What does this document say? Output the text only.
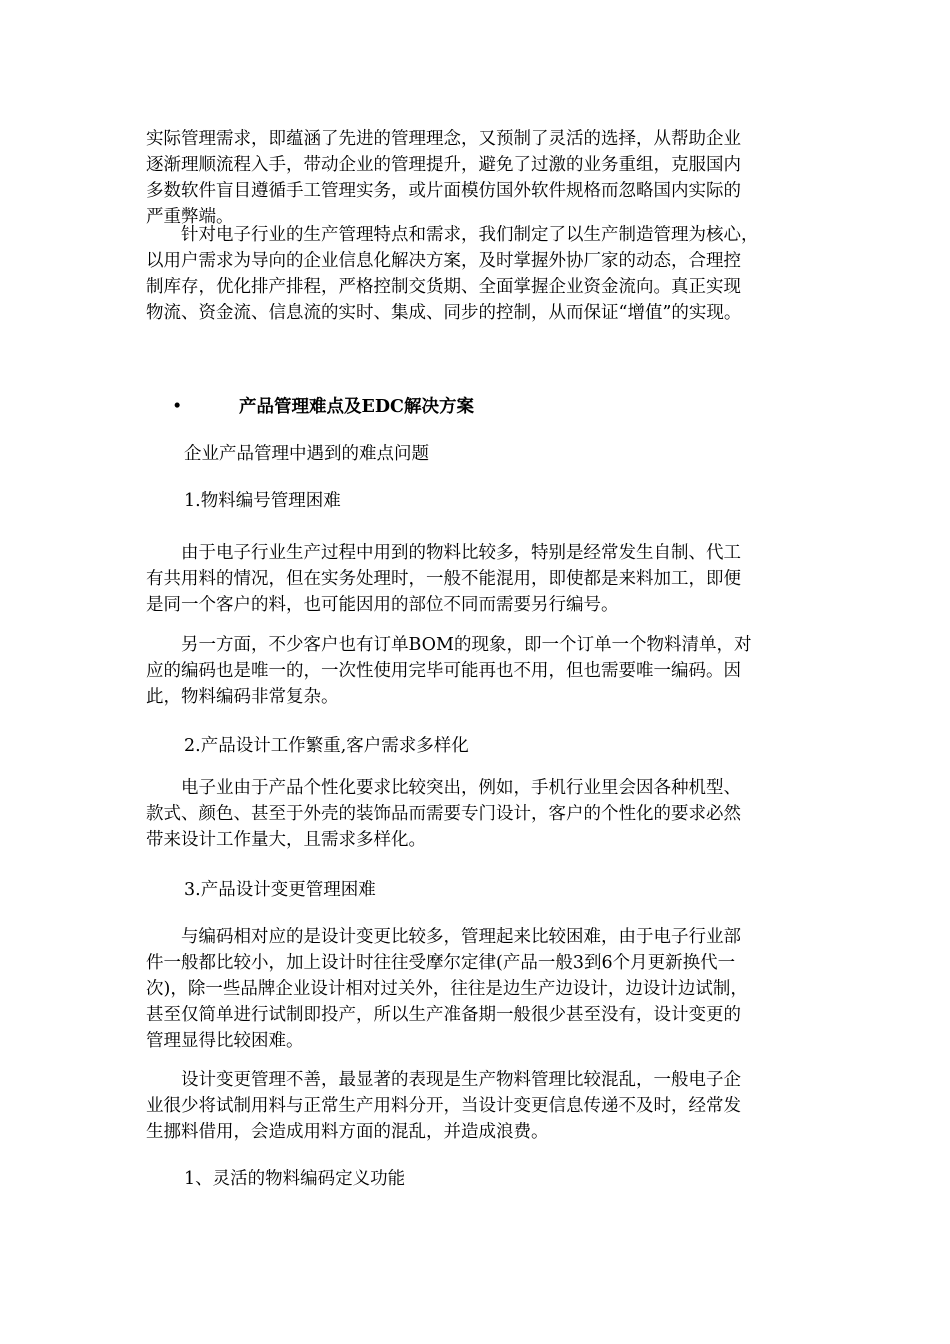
实际管理需求，即蕴涵了先进的管理理念，又预制了灵活的选择，从帮助企业
逐渐理顺流程入手，带动企业的管理提升，避免了过激的业务重组，克服国内
多数软件盲目遵循手工管理实务，或片面模仿国外软件规格而忽略国内实际的
严重弊端。
针对电子行业的生产管理特点和需求，我们制定了以生产制造管理为核心，
以用户需求为导向的企业信息化解决方案，及时掌握外协厂家的动态，合理控
制库存，优化排产排程，严格控制交货期、全面掌握企业资金流向。真正实现
物流、资金流、信息流的实时、集成、同步的控制，从而保证“增值”的实现。
•	产品管理难点及EDC解决方案

企业产品管理中遇到的难点问题

1.物料编号管理困难

由于电子行业生产过程中用到的物料比较多，特别是经常发生自制、代工
有共用料的情况，但在实务处理时，一般不能混用，即使都是来料加工，即便
是同一个客户的料，也可能因用的部位不同而需要另行编号。
另一方面，不少客户也有订单BOM的现象，即一个订单一个物料清单，对
应的编码也是唯一的，一次性使用完毕可能再也不用，但也需要唯一编码。因
此，物料编码非常复杂。

2.产品设计工作繁重,客户需求多样化

电子业由于产品个性化要求比较突出，例如，手机行业里会因各种机型、
款式、颜色、甚至于外壳的装饰品而需要专门设计，客户的个性化的要求必然
带来设计工作量大，且需求多样化。

3.产品设计变更管理困难

与编码相对应的是设计变更比较多，管理起来比较困难，由于电子行业部
件一般都比较小，加上设计时往往受摩尔定律(产品一般3到6个月更新换代一
次)，除一些品牌企业设计相对过关外，往往是边生产边设计，边设计边试制，
甚至仅简单进行试制即投产，所以生产准备期一般很少甚至没有，设计变更的
管理显得比较困难。
设计变更管理不善，最显著的表现是生产物料管理比较混乱，一般电子企
业很少将试制用料与正常生产用料分开，当设计变更信息传递不及时，经常发
生挪料借用，会造成用料方面的混乱，并造成浪费。

1、灵活的物料编码定义功能
